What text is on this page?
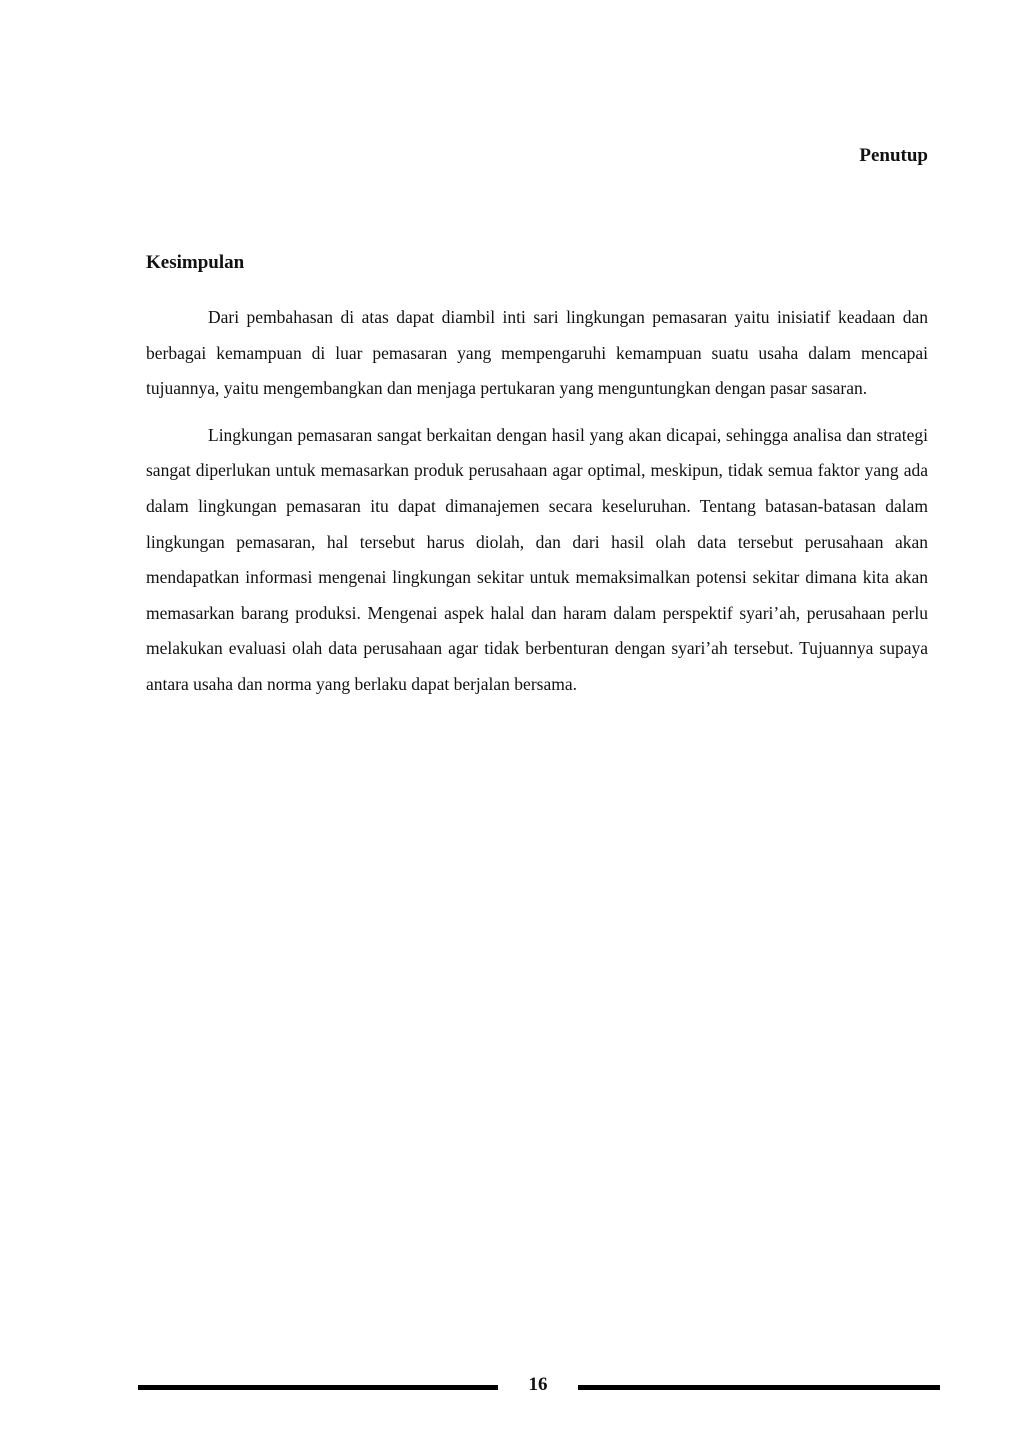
Penutup
Kesimpulan

Dari pembahasan di atas dapat diambil inti sari lingkungan pemasaran yaitu inisiatif keadaan dan berbagai kemampuan di luar pemasaran yang mempengaruhi kemampuan suatu usaha dalam mencapai tujuannya, yaitu mengembangkan dan menjaga pertukaran yang menguntungkan dengan pasar sasaran.

Lingkungan pemasaran sangat berkaitan dengan hasil yang akan dicapai, sehingga analisa dan strategi sangat diperlukan untuk memasarkan produk perusahaan agar optimal, meskipun, tidak semua faktor yang ada dalam lingkungan pemasaran itu dapat dimanajemen secara keseluruhan. Tentang batasan-batasan dalam lingkungan pemasaran, hal tersebut harus diolah, dan dari hasil olah data tersebut perusahaan akan mendapatkan informasi mengenai lingkungan sekitar untuk memaksimalkan potensi sekitar dimana kita akan memasarkan barang produksi. Mengenai aspek halal dan haram dalam perspektif syari’ah, perusahaan perlu melakukan evaluasi olah data perusahaan agar tidak berbenturan dengan syari’ah tersebut. Tujuannya supaya antara usaha dan norma yang berlaku dapat berjalan bersama.

16
